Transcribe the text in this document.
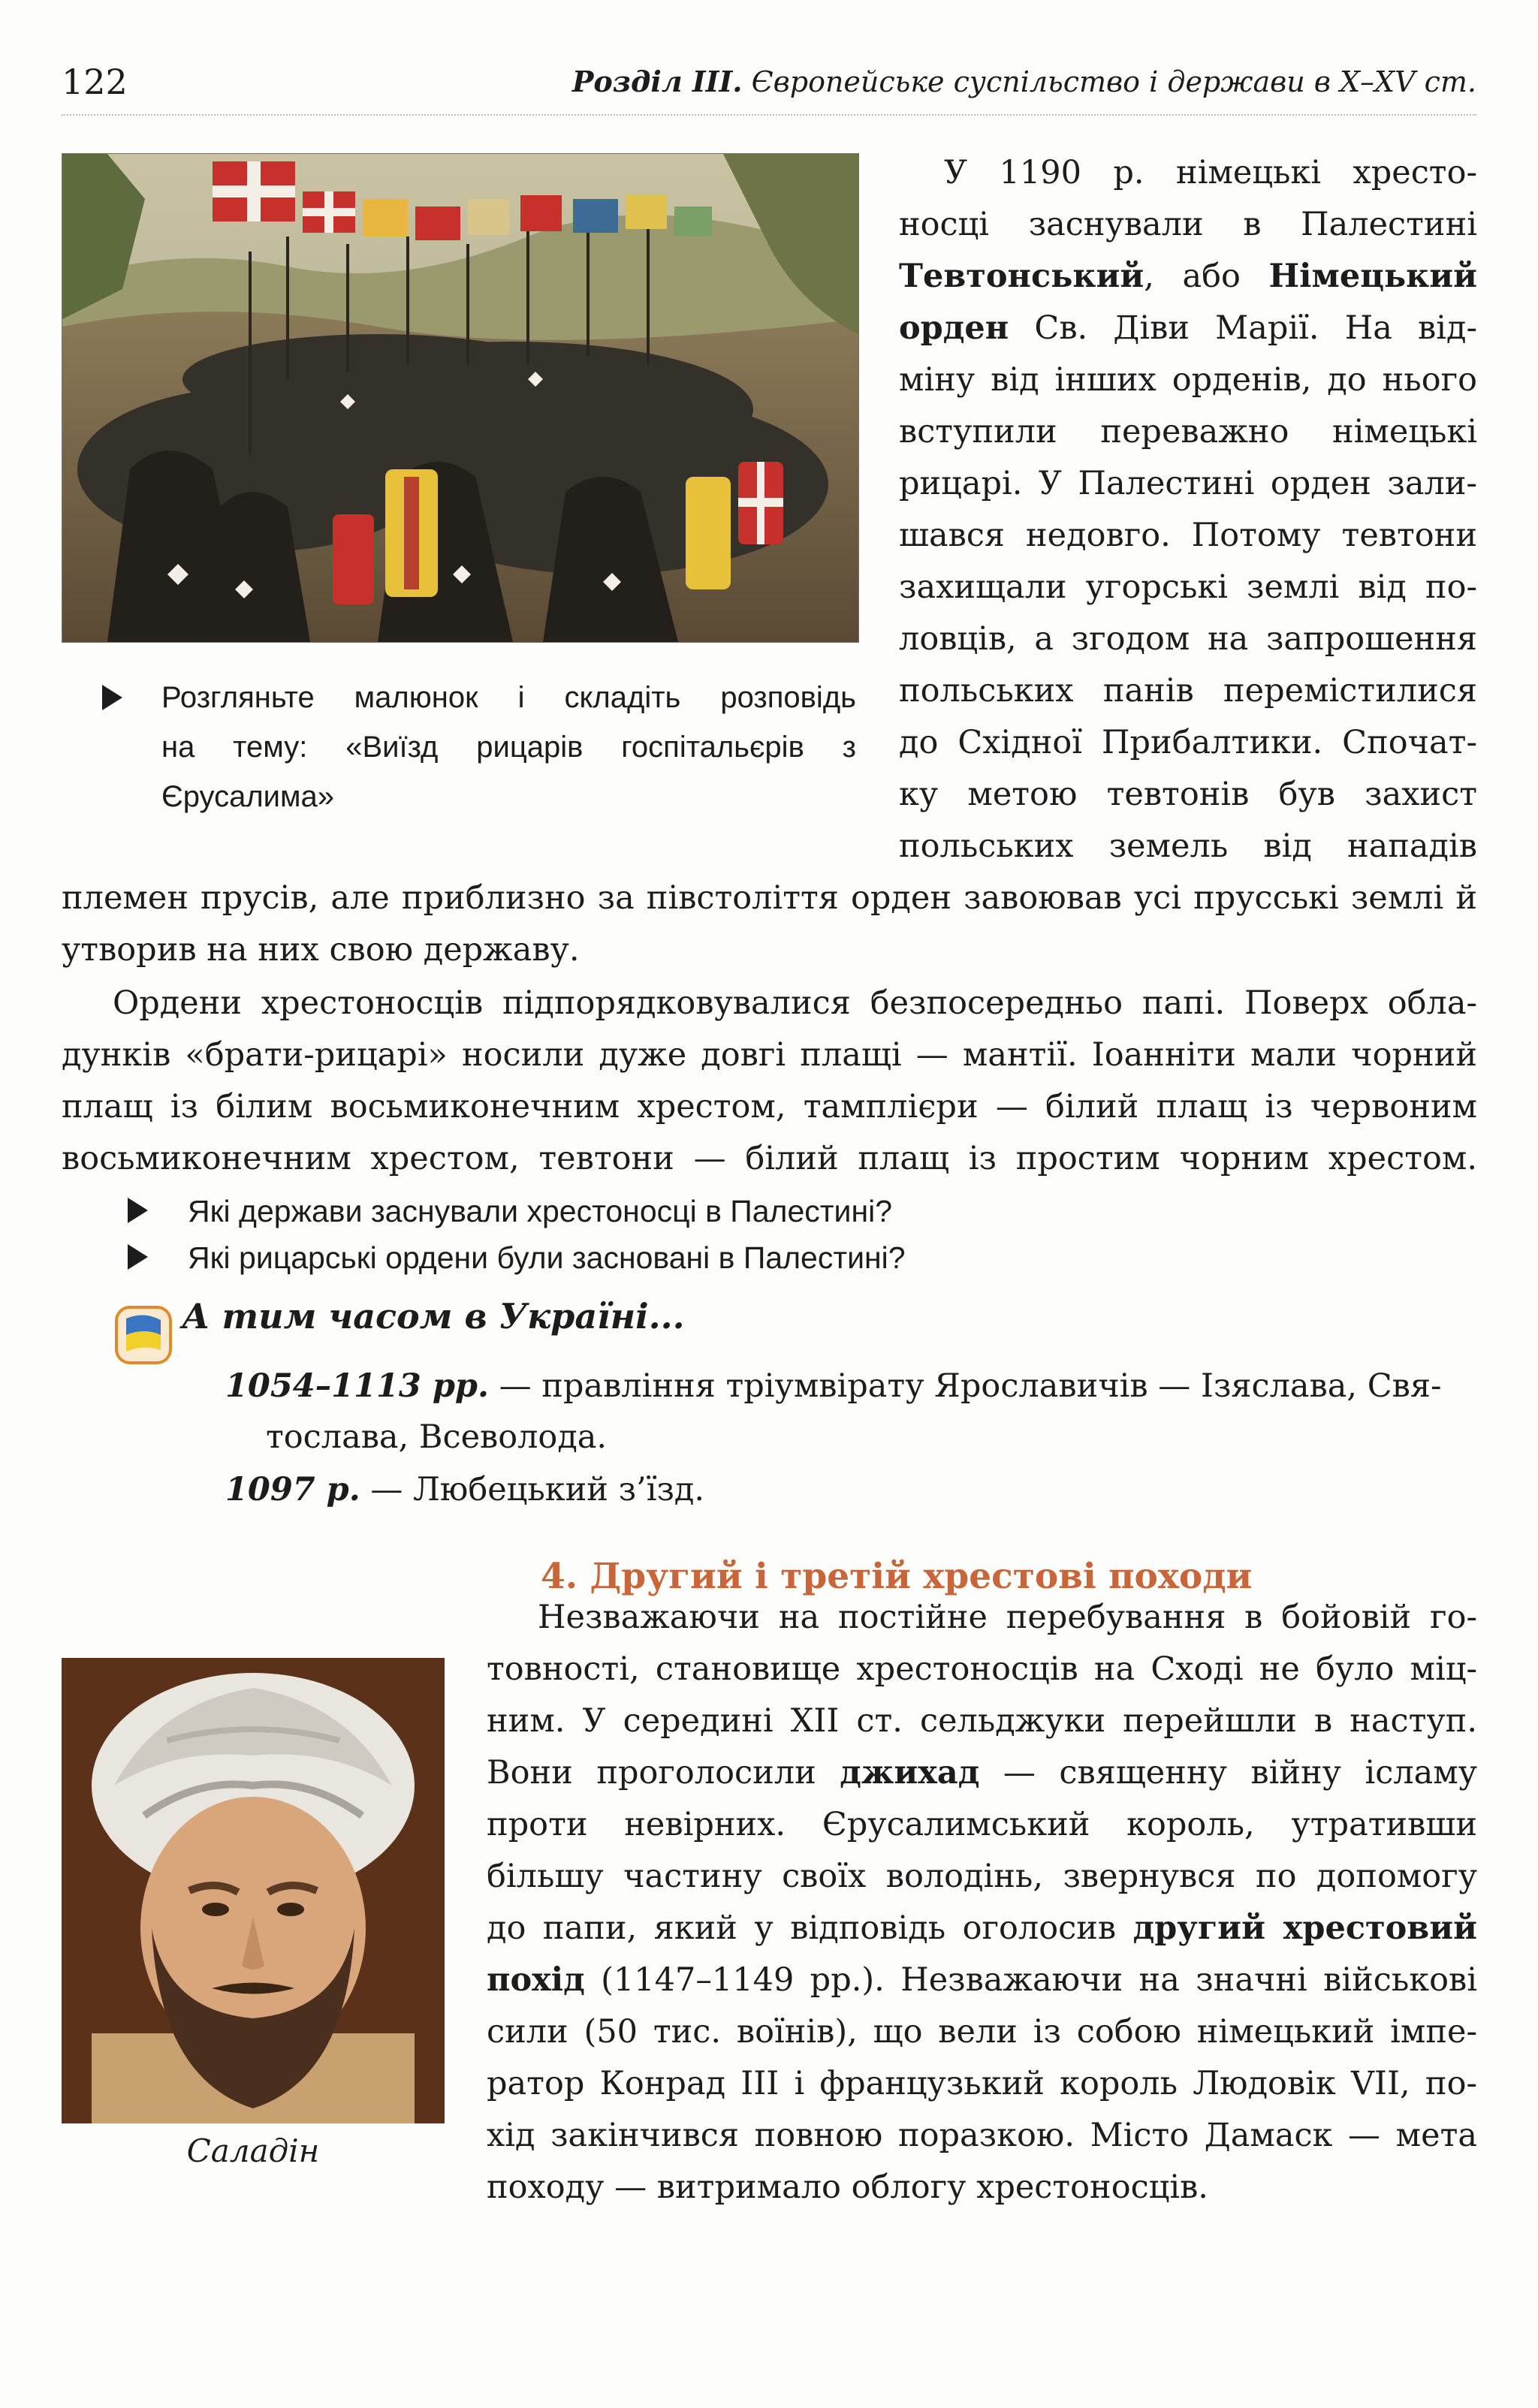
122	Розділ III. Європейське суспільство і держави в Х–ХV ст.
Розгляньте малюнок і складіть розповідь
на тему: «Виїзд рицарів госпітальєрів з
Єрусалима»
У 1190 р. німецькі хресто-
носці заснували в Палестині
Тевтонський, або Німецький
орден Св. Діви Марії. На від-
міну від інших орденів, до нього
вступили переважно німецькі
рицарі. У Палестині орден зали-
шався недовго. Потому тевтони
захищали угорські землі від по-
ловців, а згодом на запрошення
польських панів перемістилися
до Східної Прибалтики. Спочат-
ку метою тевтонів був захист
польських земель від нападів
племен прусів, але приблизно за півстоліття орден завоював усі прусські землі й
утворив на них свою державу.
Ордени хрестоносців підпорядковувалися безпосередньо папі. Поверх обла-
дунків «брати-рицарі» носили дуже довгі плащі — мантії. Іоанніти мали чорний
плащ із білим восьмиконечним хрестом, тамплієри — білий плащ із червоним
восьмиконечним хрестом, тевтони — білий плащ із простим чорним хрестом.
Які держави заснували хрестоносці в Палестині?
Які рицарські ордени були засновані в Палестині?
А тим часом в Україні...
1054–1113 рр. — правління тріумвірату Ярославичів — Ізяслава, Свя-
тослава, Всеволода.
1097 р. — Любецький з’їзд.
4. Другий і третій хрестові походи
Саладін
Незважаючи на постійне перебування в бойовій го-
товності, становище хрестоносців на Сході не було міц-
ним. У середині ХІІ ст. сельджуки перейшли в наступ.
Вони проголосили джихад — священну війну ісламу
проти невірних. Єрусалимський король, утративши
більшу частину своїх володінь, звернувся по допомогу
до папи, який у відповідь оголосив другий хрестовий
похід (1147–1149 рр.). Незважаючи на значні військові
сили (50 тис. воїнів), що вели із собою німецький імпе-
ратор Конрад ІІІ і французький король Людовік VII, по-
хід закінчився повною поразкою. Місто Дамаск — мета
походу — витримало облогу хрестоносців.
